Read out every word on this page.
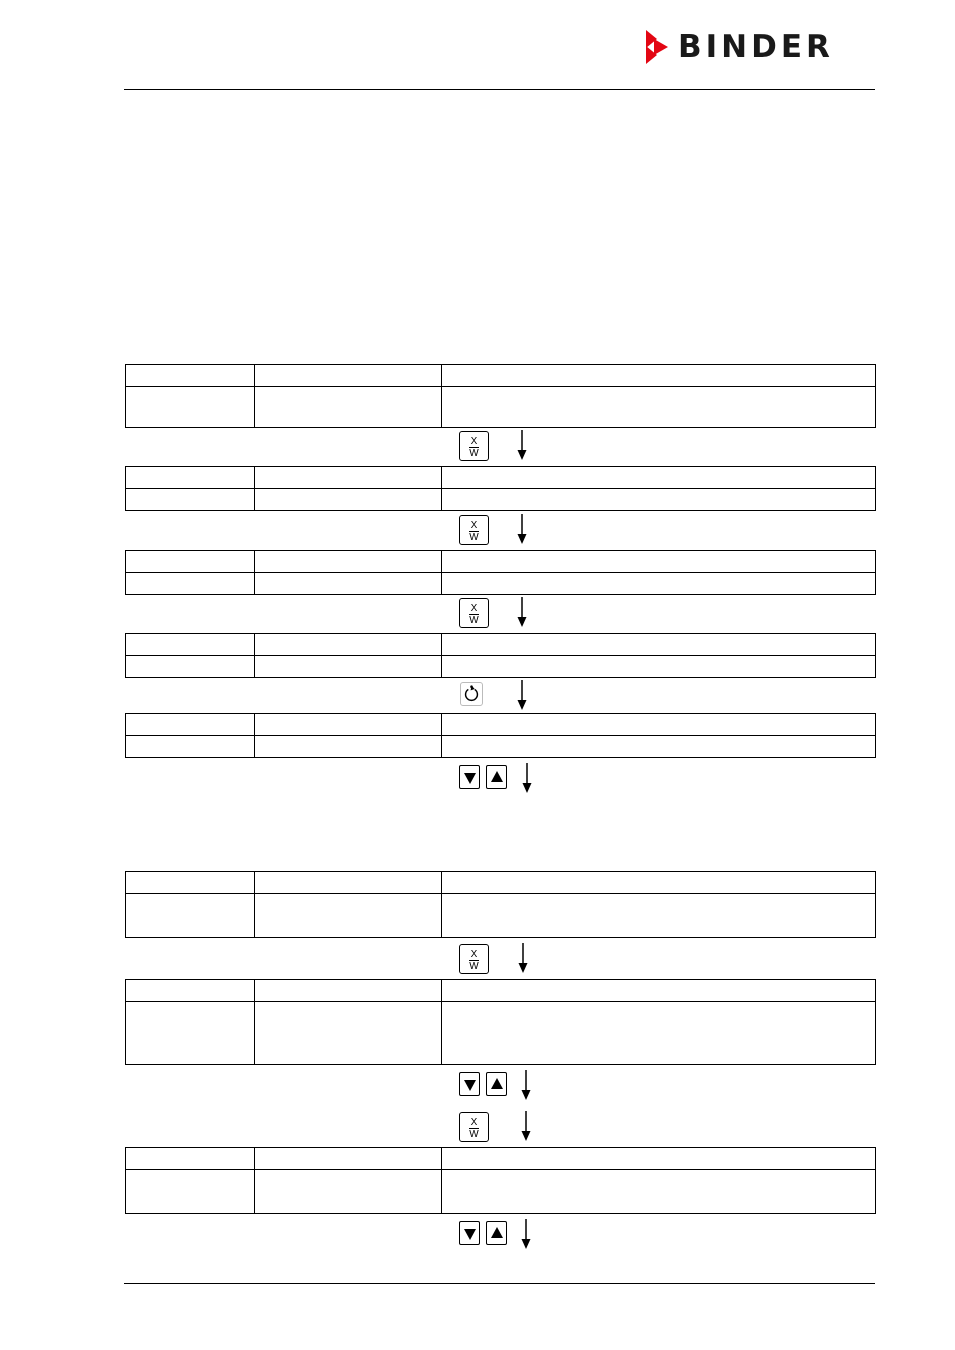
BINDER

X
W

X
W

X
W

X
W

X
W
